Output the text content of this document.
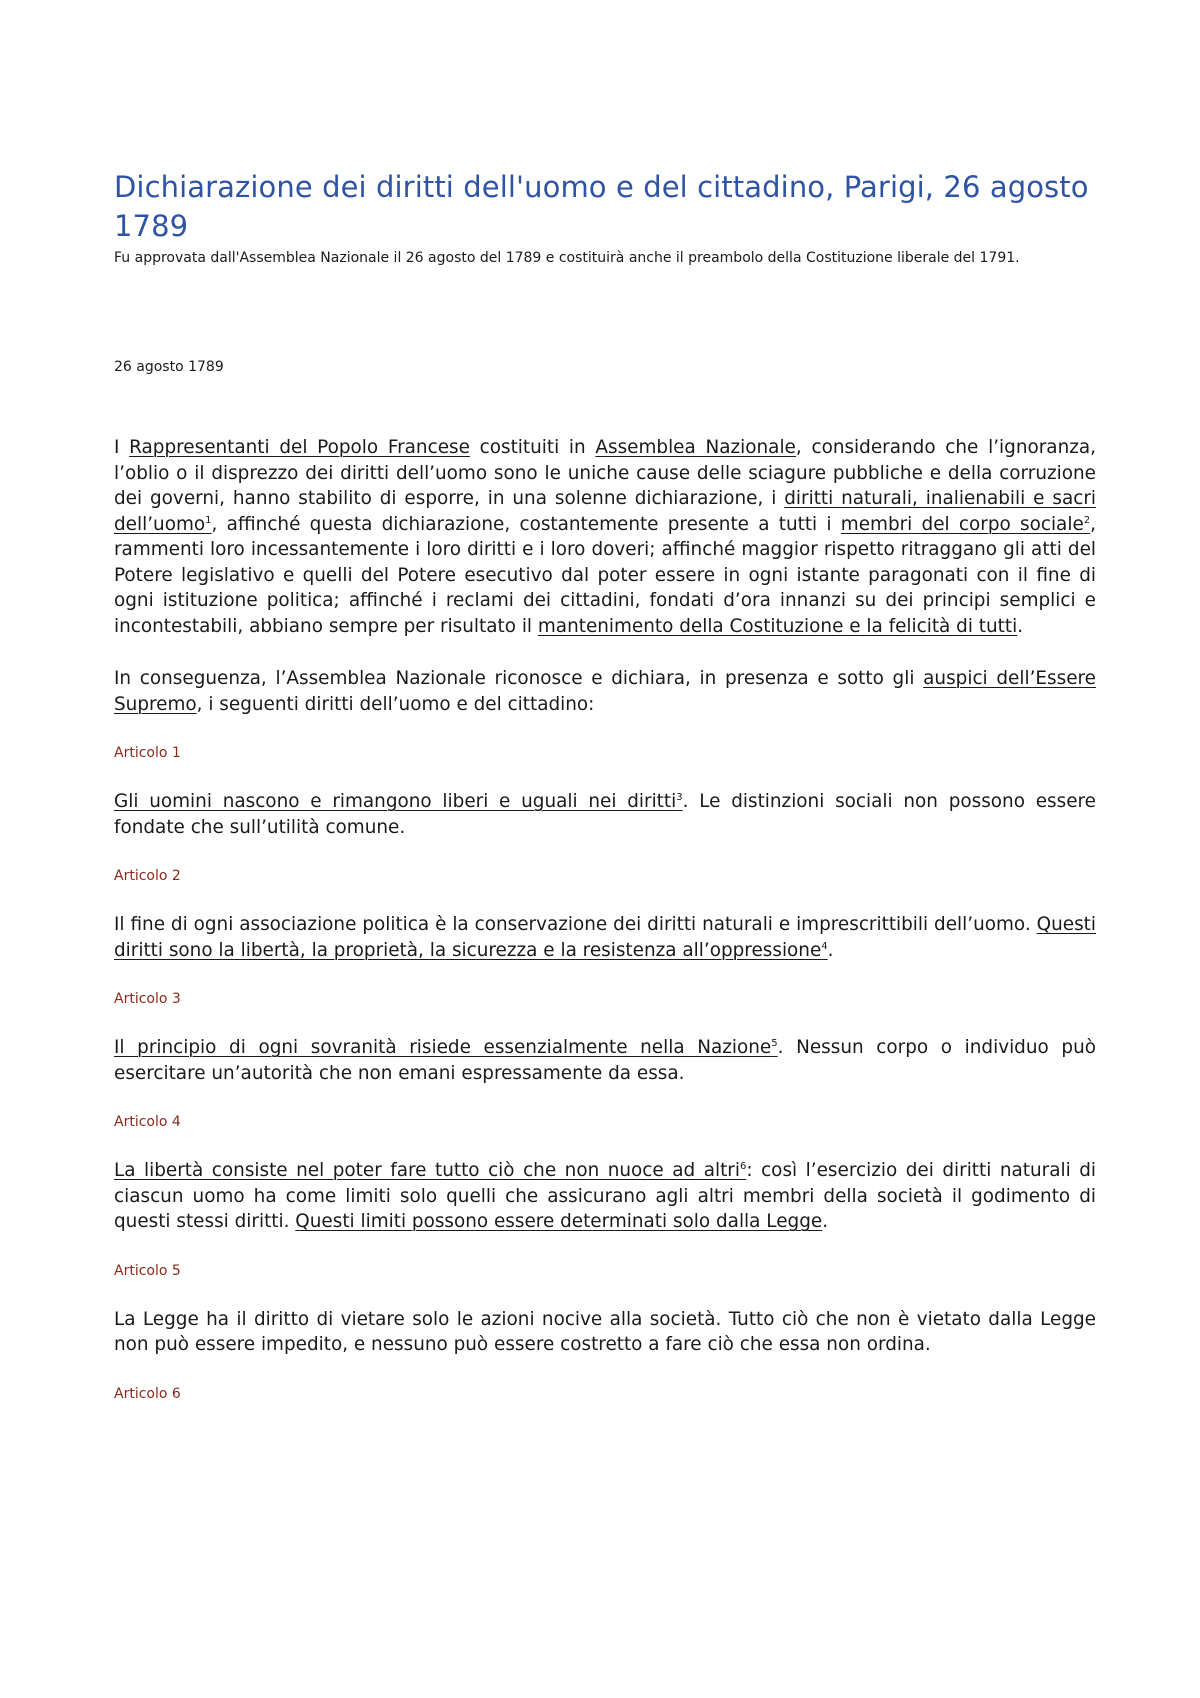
Dichiarazione dei diritti dell'uomo e del cittadino, Parigi, 26 agosto 1789

Fu approvata dall'Assemblea Nazionale il 26 agosto del 1789 e costituirà anche il preambolo della Costituzione liberale del 1791.

26 agosto 1789

I Rappresentanti del Popolo Francese costituiti in Assemblea Nazionale, considerando che l’ignoranza, l’oblio o il disprezzo dei diritti dell’uomo sono le uniche cause delle sciagure pubbliche e della corruzione dei governi, hanno stabilito di esporre, in una solenne dichiarazione, i diritti naturali, inalienabili e sacri dell’uomo$^1$, affinché questa dichiarazione, costantemente presente a tutti i membri del corpo sociale$^2$, rammenti loro incessantemente i loro diritti e i loro doveri; affinché maggior rispetto ritraggano gli atti del Potere legislativo e quelli del Potere esecutivo dal poter essere in ogni istante paragonati con il fine di ogni istituzione politica; affinché i reclami dei cittadini, fondati d’ora innanzi su dei principi semplici e incontestabili, abbiano sempre per risultato il mantenimento della Costituzione e la felicità di tutti.

In conseguenza, l’Assemblea Nazionale riconosce e dichiara, in presenza e sotto gli auspici dell’Essere Supremo, i seguenti diritti dell’uomo e del cittadino:

Articolo 1

Gli uomini nascono e rimangono liberi e uguali nei diritti$^3$. Le distinzioni sociali non possono essere fondate che sull’utilità comune.

Articolo 2

Il fine di ogni associazione politica è la conservazione dei diritti naturali e imprescrittibili dell’uomo. Questi diritti sono la libertà, la proprietà, la sicurezza e la resistenza all’oppressione$^4$.

Articolo 3

Il principio di ogni sovranità risiede essenzialmente nella Nazione$^5$. Nessun corpo o individuo può esercitare un’autorità che non emani espressamente da essa.

Articolo 4

La libertà consiste nel poter fare tutto ciò che non nuoce ad altri$^6$: così l’esercizio dei diritti naturali di ciascun uomo ha come limiti solo quelli che assicurano agli altri membri della società il godimento di questi stessi diritti. Questi limiti possono essere determinati solo dalla Legge.

Articolo 5

La Legge ha il diritto di vietare solo le azioni nocive alla società. Tutto ciò che non è vietato dalla Legge non può essere impedito, e nessuno può essere costretto a fare ciò che essa non ordina.

Articolo 6
